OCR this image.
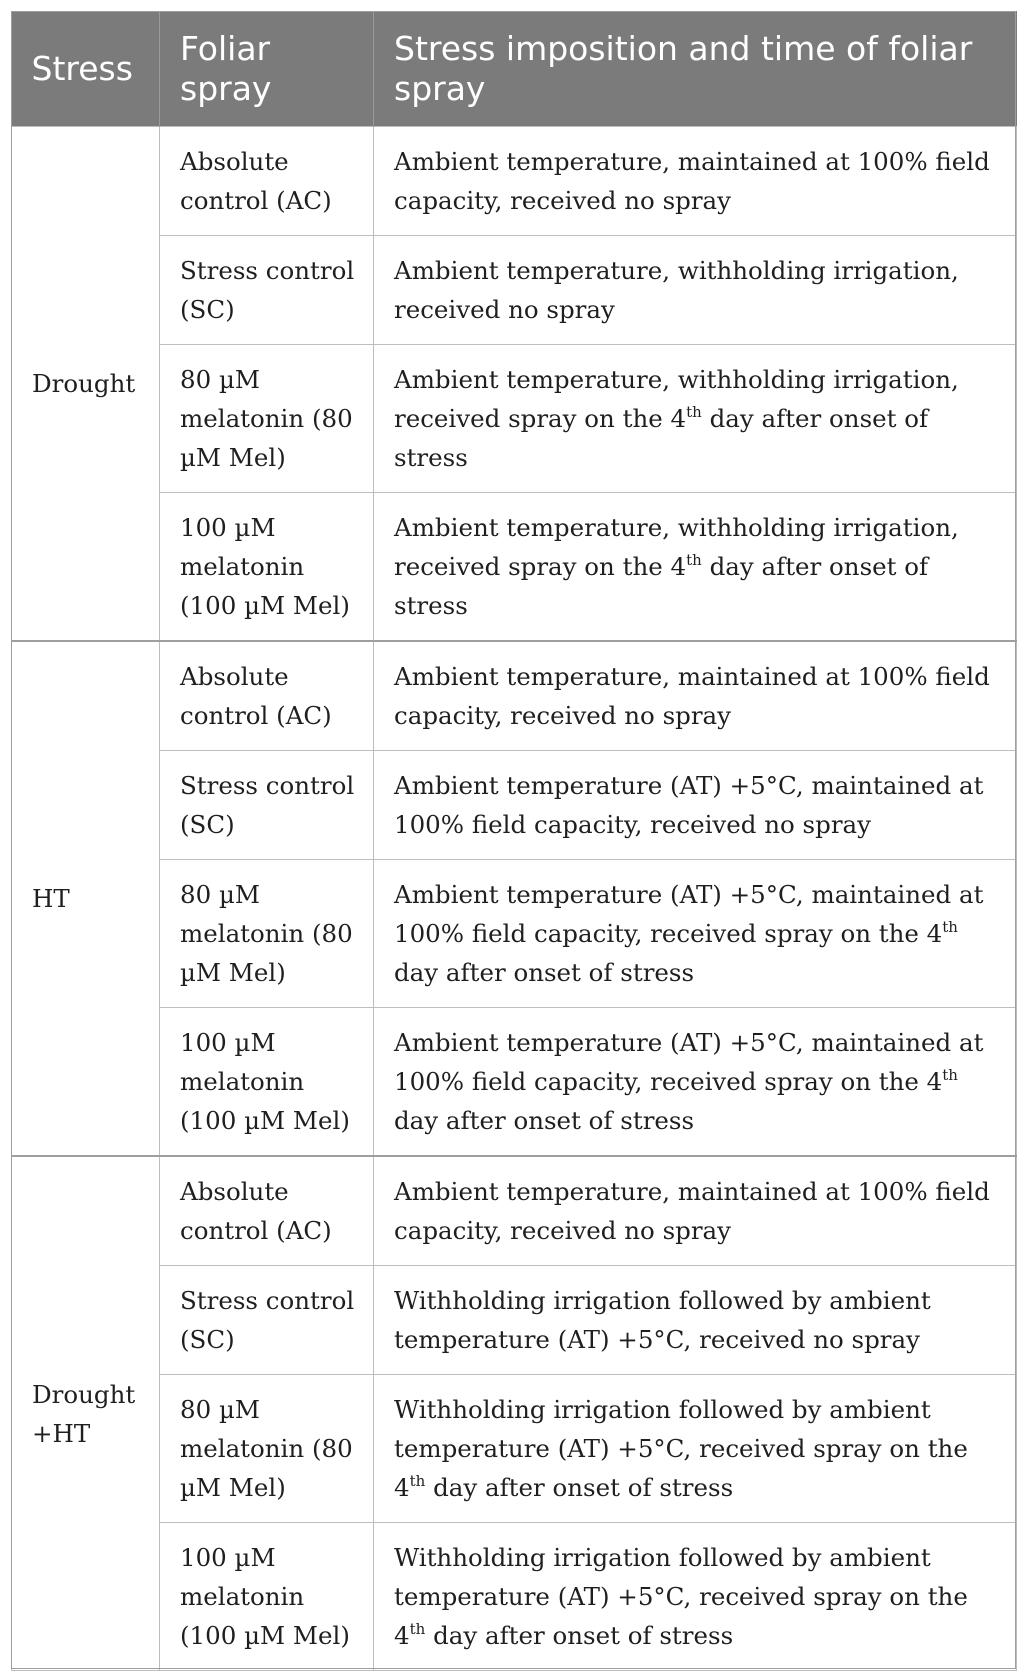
Stress	Foliar spray	Stress imposition and time of foliar spray
Drought	Absolute control (AC)	Ambient temperature, maintained at 100% field capacity, received no spray
	Stress control (SC)	Ambient temperature, withholding irrigation, received no spray
	80 µM melatonin (80 µM Mel)	Ambient temperature, withholding irrigation, received spray on the 4th day after onset of stress
	100 µM melatonin (100 µM Mel)	Ambient temperature, withholding irrigation, received spray on the 4th day after onset of stress
HT	Absolute control (AC)	Ambient temperature, maintained at 100% field capacity, received no spray
	Stress control (SC)	Ambient temperature (AT) +5°C, maintained at 100% field capacity, received no spray
	80 µM melatonin (80 µM Mel)	Ambient temperature (AT) +5°C, maintained at 100% field capacity, received spray on the 4th day after onset of stress
	100 µM melatonin (100 µM Mel)	Ambient temperature (AT) +5°C, maintained at 100% field capacity, received spray on the 4th day after onset of stress
Drought +HT	Absolute control (AC)	Ambient temperature, maintained at 100% field capacity, received no spray
	Stress control (SC)	Withholding irrigation followed by ambient temperature (AT) +5°C, received no spray
	80 µM melatonin (80 µM Mel)	Withholding irrigation followed by ambient temperature (AT) +5°C, received spray on the 4th day after onset of stress
	100 µM melatonin (100 µM Mel)	Withholding irrigation followed by ambient temperature (AT) +5°C, received spray on the 4th day after onset of stress
